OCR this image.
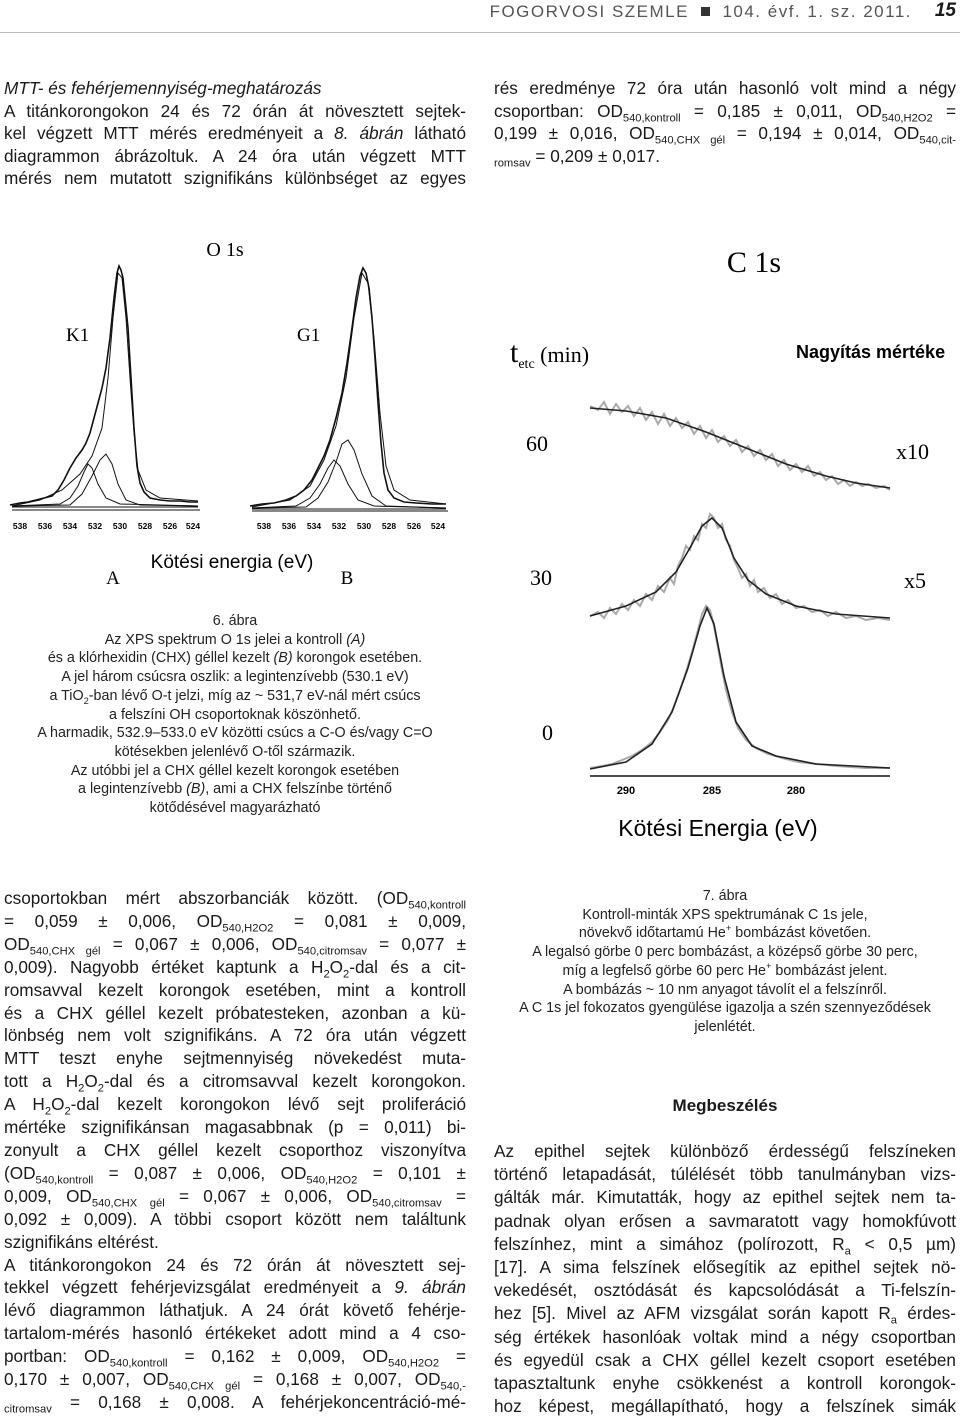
FOGORVOSI SZEMLE 104. évf. 1. sz. 2011. 15

MTT- és fehérjemennyiség-meghatározás

A titánkorongokon 24 és 72 órán át növesztett sejtek-

kel végzett MTT mérés eredményeit a 8. ábrán látható

diagrammon ábrázoltuk. A 24 óra után végzett MTT

mérés nem mutatott szignifikáns különbséget az egyes

rés eredménye 72 óra után hasonló volt mind a négy

csoportban: $OD_{540,kontroll} = 0,185 \pm 0,011$, $OD_{540,H2O2}$ =

0,199 ± 0,016, $OD_{540,CHX gél} = 0,194 \pm 0,014$, $OD_{540,cit-}$

$_{romsav}$ = 0,209 ± 0,017.

O 1s
K1	G1
538 536 534 532 530 528 526 524	538 536 534 532 530 528 526 524
Kötési energia (eV)
A	B

6. ábra

Az XPS spektrum O 1s jelei a kontroll (A)

és a klórhexidin (CHX) géllel kezelt (B) korongok esetében.

A jel három csúcsra oszlik: a legintenzívebb (530.1 eV)

a TiO$_2$-ban lévő O-t jelzi, míg az ~ 531,7 eV-nál mért csúcs

a felszíni OH csoportoknak köszönhető.

A harmadik, 532.9–533.0 eV közötti csúcs a C-O és/vagy C=O

kötésekben jelenlévő O-től származik.

Az utóbbi jel a CHX géllel kezelt korongok esetében

a legintenzívebb (B), ami a CHX felszínbe történő

kötődésével magyarázható

C 1s
$t_{etc}$ $^{(min)}$	Nagyítás mértéke
60	x10
30	x5
0
290	285	280
Kötési Energia (eV)

7. ábra

Kontroll-minták XPS spektrumának C 1s jele,

növekvő időtartamú He+ bombázást követően.

A legalsó görbe 0 perc bombázást, a középső görbe 30 perc,

míg a legfelső görbe 60 perc He+ bombázást jelent.

A bombázás ~ 10 nm anyagot távolít el a felszínről.

A C 1s jel fokozatos gyengülése igazolja a szén szennyeződések

jelenlétét.

csoportokban mért abszorbanciák között. ($OD_{540,kontroll}$

= 0,059 ± 0,006, $OD_{540,H2O2} = 0,081 \pm 0,009$,

$OD_{540,CHX gél} = 0,067 \pm 0,006$, $OD_{540,citromsav} = 0,077$ ±

0,009). Nagyobb értéket kaptunk a $H_2O_2$-dal és a cit-

romsavval kezelt korongok esetében, mint a kontroll

és a CHX géllel kezelt próbatesteken, azonban a kü-

lönbség nem volt szignifikáns. A 72 óra után végzett

MTT teszt enyhe sejtmennyiség növekedést muta-

tott a $H_2O_2$-dal és a citromsavval kezelt korongokon.

A $H_2O_2$-dal kezelt korongokon lévő sejt proliferáció

mértéke szignifikánsan magasabbnak (p = 0,011) bi-

zonyult a CHX géllel kezelt csoporthoz viszonyítva

($OD_{540,kontroll} = 0,087 \pm 0,006$, $OD_{540,H2O2} = 0,101$ ±

0,009, $OD_{540,CHX gél} = 0,067 \pm 0,006$, $OD_{540,citromsav}$ =

0,092 ± 0,009). A többi csoport között nem találtunk

szignifikáns eltérést.

A titánkorongokon 24 és 72 órán át növesztett sej-

tekkel végzett fehérjevizsgálat eredményeit a 9. ábrán

lévő diagrammon láthatjuk. A 24 órát követő fehérje-

tartalom-mérés hasonló értékeket adott mind a 4 cso-

portban: $OD_{540,kontroll} = 0,162 \pm 0,009$, $OD_{540,H2O2}$ =

0,170 ± 0,007, $OD_{540,CHX gél} = 0,168 \pm 0,007$, $OD_{540,-}$

$_{citromsav}$ = 0,168 ± 0,008. A fehérjekoncentráció-mé-

Megbeszélés

Az epithel sejtek különböző érdességű felszíneken

történő letapadását, túlélését több tanulmányban vizs-

gálták már. Kimutatták, hogy az epithel sejtek nem ta-

padnak olyan erősen a savmaratott vagy homokfúvott

felszínhez, mint a simához (polírozott, $R_a < 0,5$ µm)

[17]. A sima felszínek elősegítik az epithel sejtek nö-

vekedését, osztódását és kapcsolódását a Ti-felszín-

hez [5]. Mivel az AFM vizsgálat során kapott $R_a$ érdes-

ség értékek hasonlóak voltak mind a négy csoportban

és egyedül csak a CHX géllel kezelt csoport esetében

tapasztaltunk enyhe csökkenést a kontroll korongok-

hoz képest, megállapítható, hogy a felszínek simák
